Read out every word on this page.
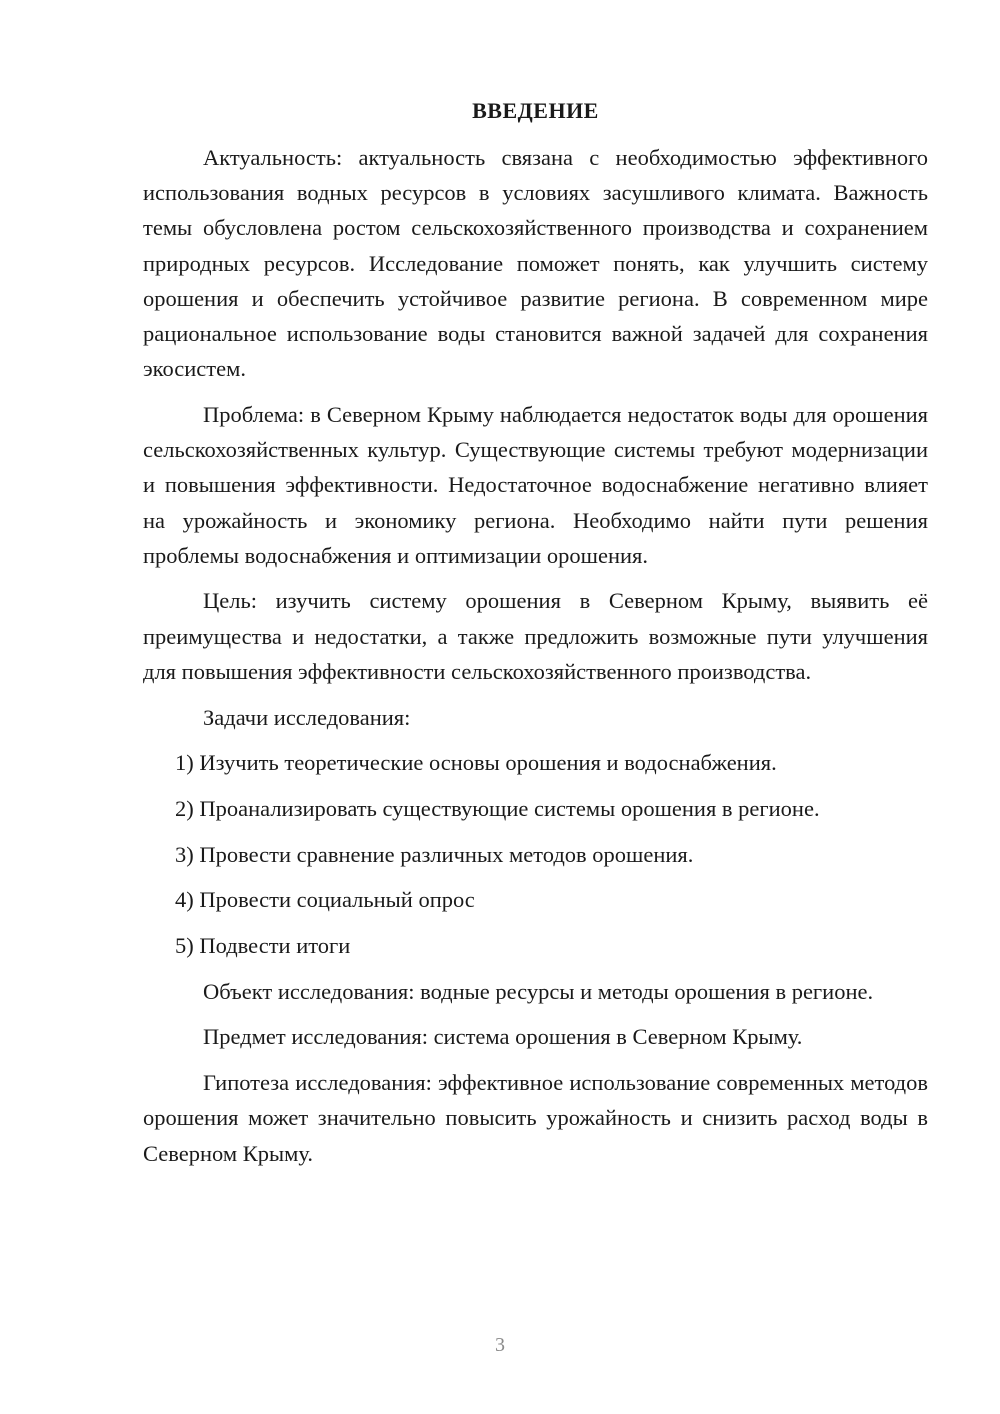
ВВЕДЕНИЕ

Актуальность: актуальность связана с необходимостью эффективного использования водных ресурсов в условиях засушливого климата. Важность темы обусловлена ростом сельскохозяйственного производства и сохранением природных ресурсов. Исследование поможет понять, как улучшить систему орошения и обеспечить устойчивое развитие региона. В современном мире рациональное использование воды становится важной задачей для сохранения экосистем.

Проблема: в Северном Крыму наблюдается недостаток воды для орошения сельскохозяйственных культур. Существующие системы требуют модернизации и повышения эффективности. Недостаточное водоснабжение негативно влияет на урожайность и экономику региона. Необходимо найти пути решения проблемы водоснабжения и оптимизации орошения.

Цель: изучить систему орошения в Северном Крыму, выявить её преимущества и недостатки, а также предложить возможные пути улучшения для повышения эффективности сельскохозяйственного производства.

Задачи исследования:

1) Изучить теоретические основы орошения и водоснабжения.
2) Проанализировать существующие системы орошения в регионе.
3) Провести сравнение различных методов орошения.
4) Провести социальный опрос
5) Подвести итоги

Объект исследования: водные ресурсы и методы орошения в регионе.

Предмет исследования: система орошения в Северном Крыму.

Гипотеза исследования: эффективное использование современных методов орошения может значительно повысить урожайность и снизить расход воды в Северном Крыму.

3
